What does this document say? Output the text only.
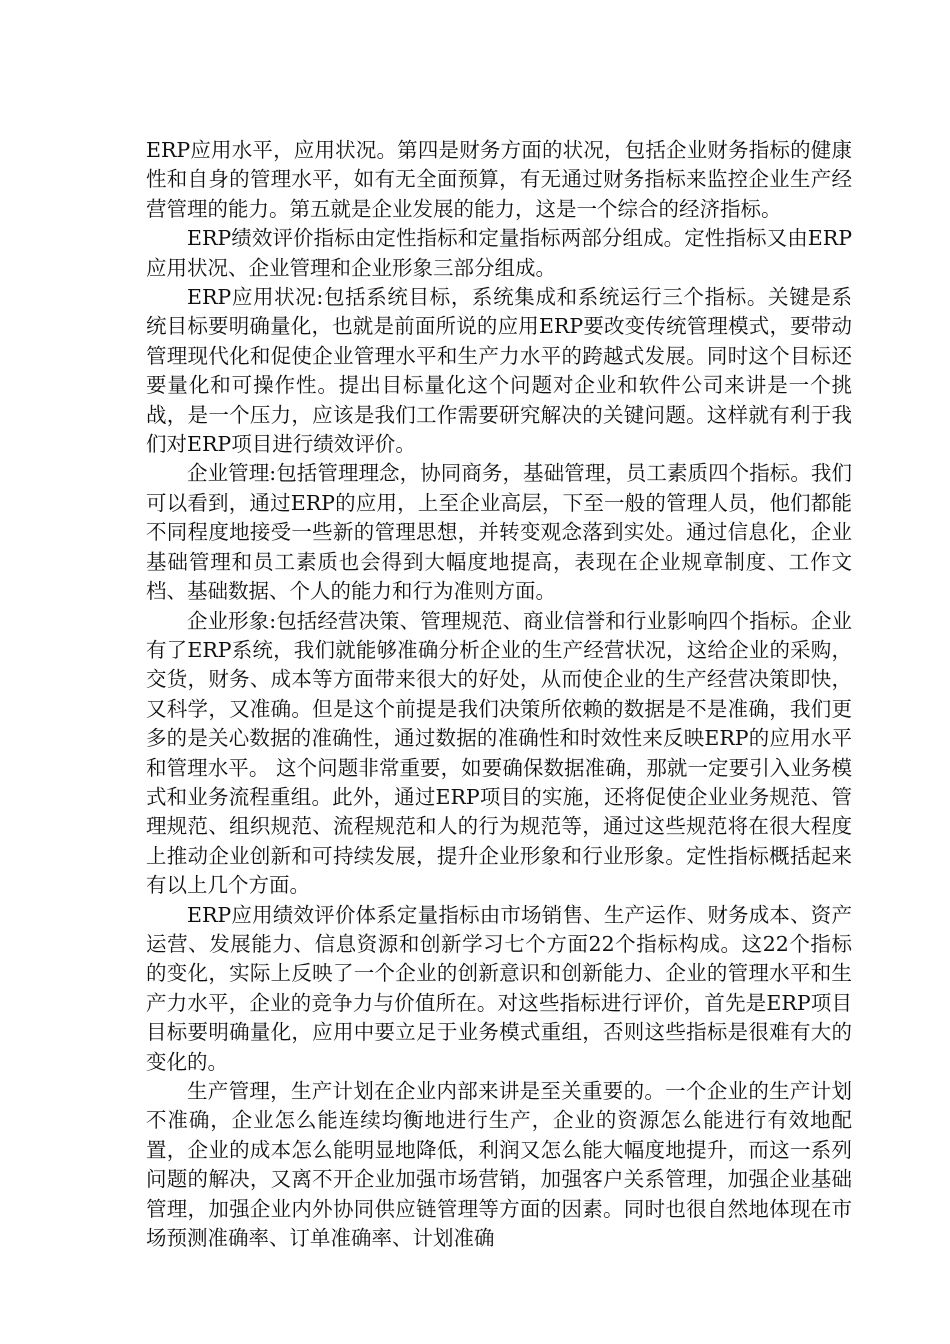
ERP应用水平，应用状况。第四是财务方面的状况，包括企业财务指标的健康性和自身的管理水平，如有无全面预算，有无通过财务指标来监控企业生产经营管理的能力。第五就是企业发展的能力，这是一个综合的经济指标。

ERP绩效评价指标由定性指标和定量指标两部分组成。定性指标又由ERP应用状况、企业管理和企业形象三部分组成。

ERP应用状况:包括系统目标，系统集成和系统运行三个指标。关键是系统目标要明确量化，也就是前面所说的应用ERP要改变传统管理模式，要带动管理现代化和促使企业管理水平和生产力水平的跨越式发展。同时这个目标还要量化和可操作性。提出目标量化这个问题对企业和软件公司来讲是一个挑战，是一个压力，应该是我们工作需要研究解决的关键问题。这样就有利于我们对ERP项目进行绩效评价。

企业管理:包括管理理念，协同商务，基础管理，员工素质四个指标。我们可以看到，通过ERP的应用，上至企业高层，下至一般的管理人员，他们都能不同程度地接受一些新的管理思想，并转变观念落到实处。通过信息化，企业基础管理和员工素质也会得到大幅度地提高，表现在企业规章制度、工作文档、基础数据、个人的能力和行为准则方面。

企业形象:包括经营决策、管理规范、商业信誉和行业影响四个指标。企业有了ERP系统，我们就能够准确分析企业的生产经营状况，这给企业的采购，交货，财务、成本等方面带来很大的好处，从而使企业的生产经营决策即快，又科学，又准确。但是这个前提是我们决策所依赖的数据是不是准确，我们更多的是关心数据的准确性，通过数据的准确性和时效性来反映ERP的应用水平和管理水平。 这个问题非常重要，如要确保数据准确，那就一定要引入业务模式和业务流程重组。此外，通过ERP项目的实施，还将促使企业业务规范、管理规范、组织规范、流程规范和人的行为规范等，通过这些规范将在很大程度上推动企业创新和可持续发展，提升企业形象和行业形象。定性指标概括起来有以上几个方面。

ERP应用绩效评价体系定量指标由市场销售、生产运作、财务成本、资产运营、发展能力、信息资源和创新学习七个方面22个指标构成。这22个指标的变化，实际上反映了一个企业的创新意识和创新能力、企业的管理水平和生产力水平，企业的竞争力与价值所在。对这些指标进行评价，首先是ERP项目目标要明确量化，应用中要立足于业务模式重组，否则这些指标是很难有大的变化的。

生产管理，生产计划在企业内部来讲是至关重要的。一个企业的生产计划不准确，企业怎么能连续均衡地进行生产，企业的资源怎么能进行有效地配置，企业的成本怎么能明显地降低，利润又怎么能大幅度地提升，而这一系列问题的解决，又离不开企业加强市场营销，加强客户关系管理，加强企业基础管理，加强企业内外协同供应链管理等方面的因素。同时也很自然地体现在市场预测准确率、订单准确率、计划准确
